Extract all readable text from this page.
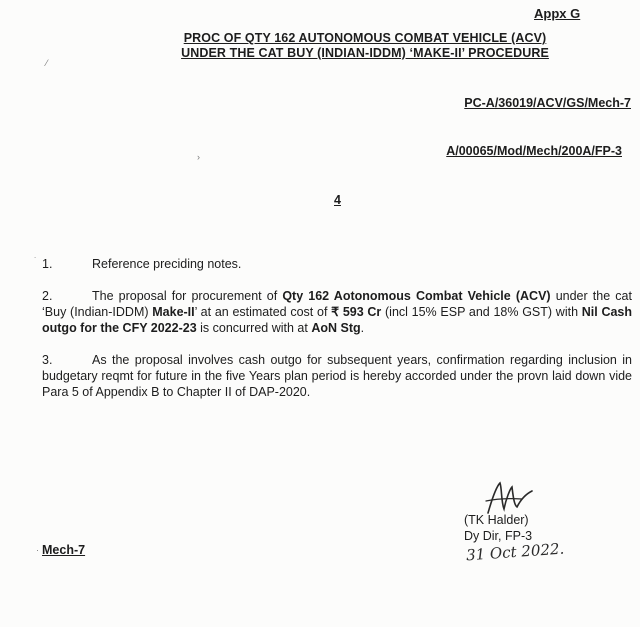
Appx G
PROC OF QTY 162 AUTONOMOUS COMBAT VEHICLE (ACV)
UNDER THE CAT BUY (INDIAN-IDDM) ‘MAKE-II’ PROCEDURE
PC-A/36019/ACV/GS/Mech-7
A/00065/Mod/Mech/200A/FP-3
4
1.	Reference preciding notes.
2.	The proposal for procurement of Qty 162 Aotonomous Combat Vehicle (ACV) under the cat ‘Buy (Indian-IDDM) Make-II’ at an estimated cost of ₹ 593 Cr (incl 15% ESP and 18% GST) with Nil Cash outgo for the CFY 2022-23 is concurred with at AoN Stg.
3.	As the proposal involves cash outgo for subsequent years, confirmation regarding inclusion in budgetary reqmt for future in the five Years plan period is hereby accorded under the provn laid down vide Para 5 of Appendix B to Chapter II of DAP-2020.
(TK Halder)
Dy Dir, FP-3
31 Oct 2022.
Mech-7
⁄
›
˙
·
